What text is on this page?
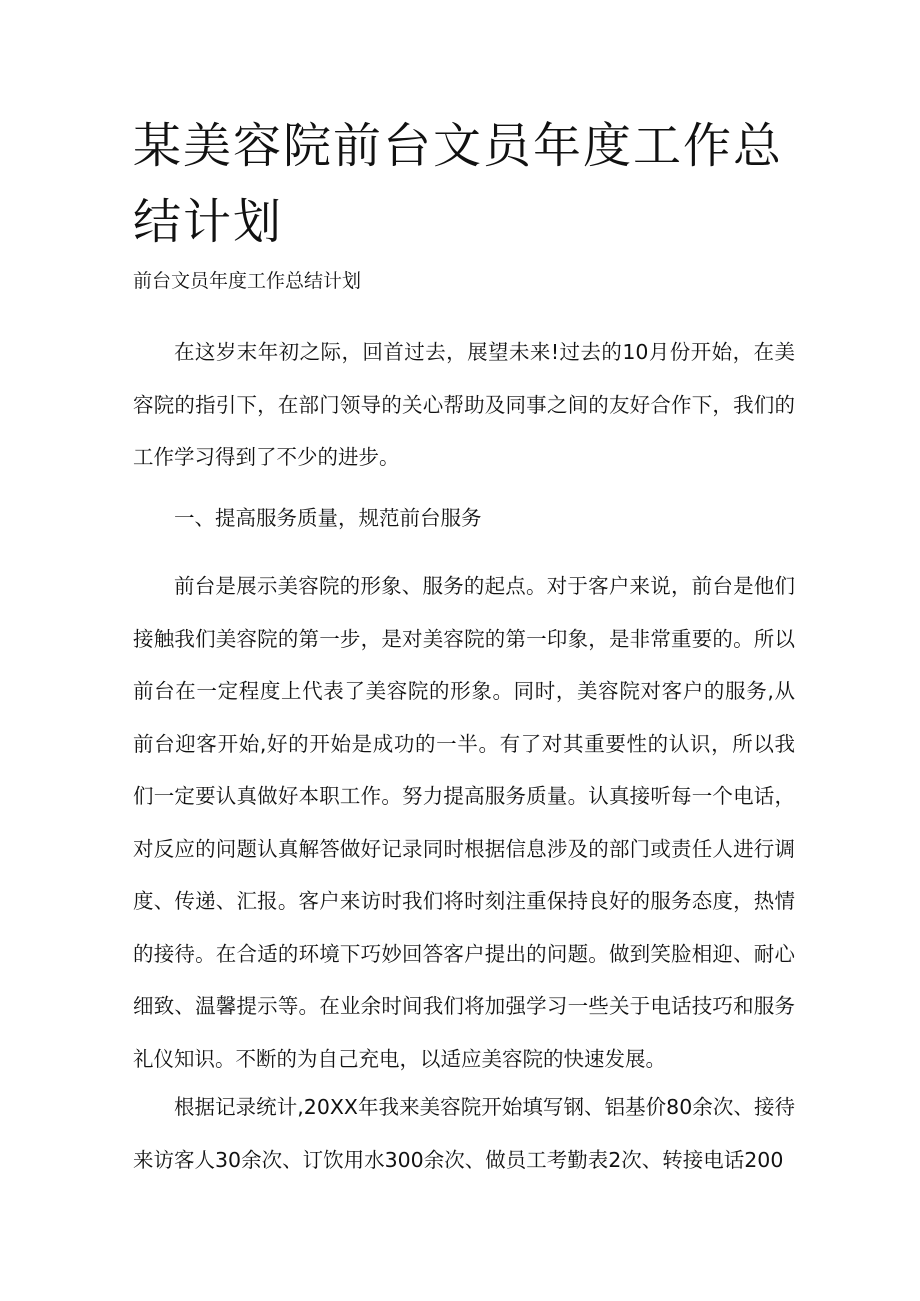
某美容院前台文员年度工作总结计划

前台文员年度工作总结计划

在这岁末年初之际，回首过去，展望未来!过去的10月份开始，在美容院的指引下，在部门领导的关心帮助及同事之间的友好合作下，我们的工作学习得到了不少的进步。

一、提高服务质量，规范前台服务

前台是展示美容院的形象、服务的起点。对于客户来说，前台是他们接触我们美容院的第一步，是对美容院的第一印象，是非常重要的。所以前台在一定程度上代表了美容院的形象。同时，美容院对客户的服务,从前台迎客开始,好的开始是成功的一半。有了对其重要性的认识，所以我们一定要认真做好本职工作。努力提高服务质量。认真接听每一个电话，对反应的问题认真解答做好记录同时根据信息涉及的部门或责任人进行调度、传递、汇报。客户来访时我们将时刻注重保持良好的服务态度，热情的接待。在合适的环境下巧妙回答客户提出的问题。做到笑脸相迎、耐心细致、温馨提示等。在业余时间我们将加强学习一些关于电话技巧和服务礼仪知识。不断的为自己充电，以适应美容院的快速发展。

根据记录统计,20XX年我来美容院开始填写钢、铝基价80余次、接待来访客人30余次、订饮用水300余次、做员工考勤表2次、转接电话200
